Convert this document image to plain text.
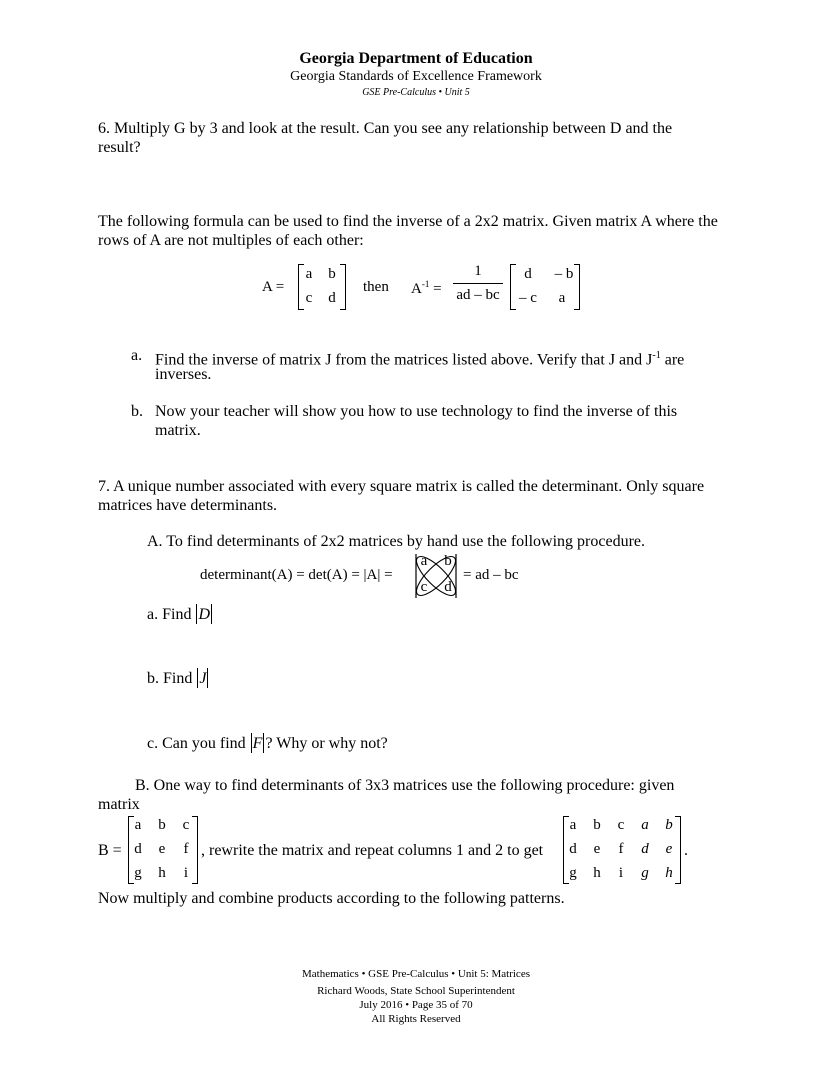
Georgia Department of Education
Georgia Standards of Excellence Framework
GSE Pre-Calculus • Unit 5
6. Multiply G by 3 and look at the result. Can you see any relationship between D and the
result?
The following formula can be used to find the inverse of a 2x2 matrix. Given matrix A where the
rows of A are not multiples of each other:
A =
a	b
c	d
then $A^{-1}$ =
1
ad – bc
d	– b
– c	a
a. Find the inverse of matrix J from the matrices listed above. Verify that J and $J^{-1}$ are
inverses.
b. Now your teacher will show you how to use technology to find the inverse of this
matrix.
7. A unique number associated with every square matrix is called the determinant. Only square
matrices have determinants.
A. To find determinants of 2x2 matrices by hand use the following procedure.
determinant(A) = det(A) = |A| =
a b
c d
= ad – bc
a. Find D
b. Find J
c. Can you find F ? Why or why not?
B. One way to find determinants of 3x3 matrices use the following procedure: given
matrix
B =
a	b	c
d	e	f
g	h	i
, rewrite the matrix and repeat columns 1 and 2 to get
a	b	c	a	b
d	e	f	d	e
g	h	i	g	h
.
Now multiply and combine products according to the following patterns.
Mathematics • GSE Pre-Calculus • Unit 5: Matrices
Richard Woods, State School Superintendent
July 2016 • Page 35 of 70
All Rights Reserved
